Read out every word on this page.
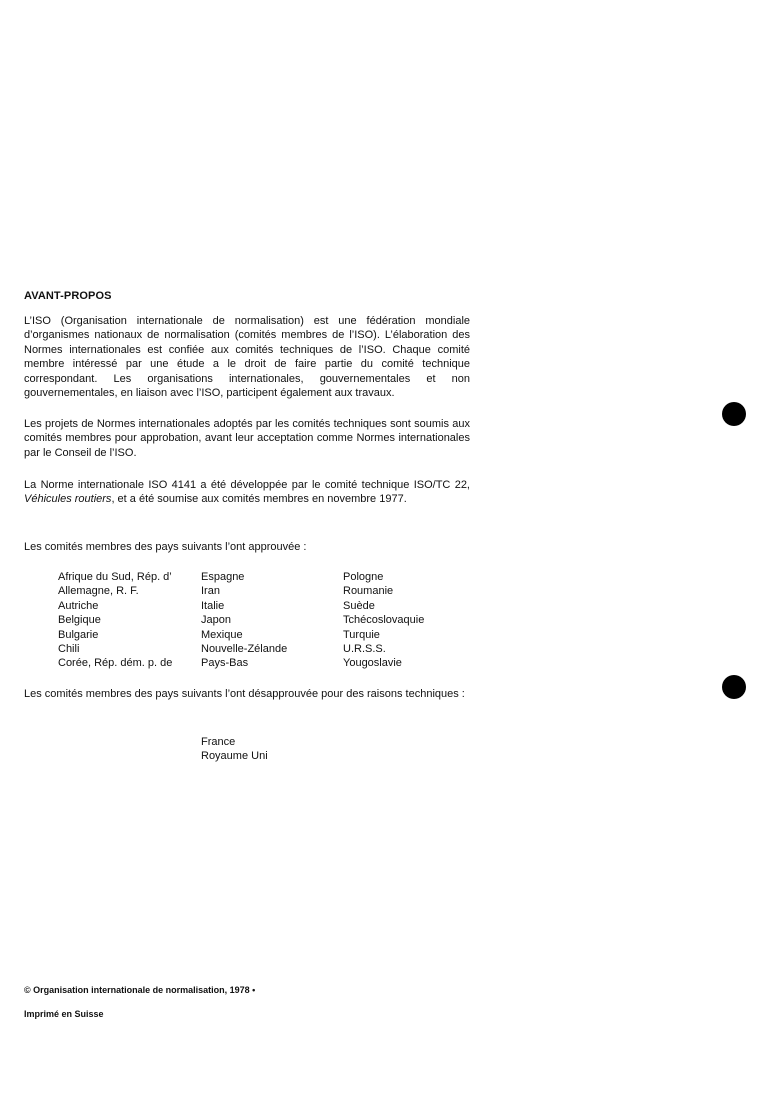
AVANT-PROPOS

L’ISO (Organisation internationale de normalisation) est une fédération mondiale d’organismes nationaux de normalisation (comités membres de l’ISO). L’élaboration des Normes internationales est confiée aux comités techniques de l’ISO. Chaque comité membre intéressé par une étude a le droit de faire partie du comité technique correspondant. Les organisations internationales, gouvernementales et non gouvernementales, en liaison avec l’ISO, participent également aux travaux.

Les projets de Normes internationales adoptés par les comités techniques sont soumis aux comités membres pour approbation, avant leur acceptation comme Normes internationales par le Conseil de l’ISO.

La Norme internationale ISO 4141 a été développée par le comité technique ISO/TC 22, Véhicules routiers, et a été soumise aux comités membres en novembre 1977.

Les comités membres des pays suivants l’ont approuvée :

Afrique du Sud, Rép. d’
Allemagne, R. F.
Autriche
Belgique
Bulgarie
Chili
Corée, Rép. dém. p. de
Espagne
Iran
Italie
Japon
Mexique
Nouvelle-Zélande
Pays-Bas
Pologne
Roumanie
Suède
Tchécoslovaquie
Turquie
U.R.S.S.
Yougoslavie

Les comités membres des pays suivants l’ont désapprouvée pour des raisons techniques :

France
Royaume Uni
© Organisation internationale de normalisation, 1978 •
Imprimé en Suisse
